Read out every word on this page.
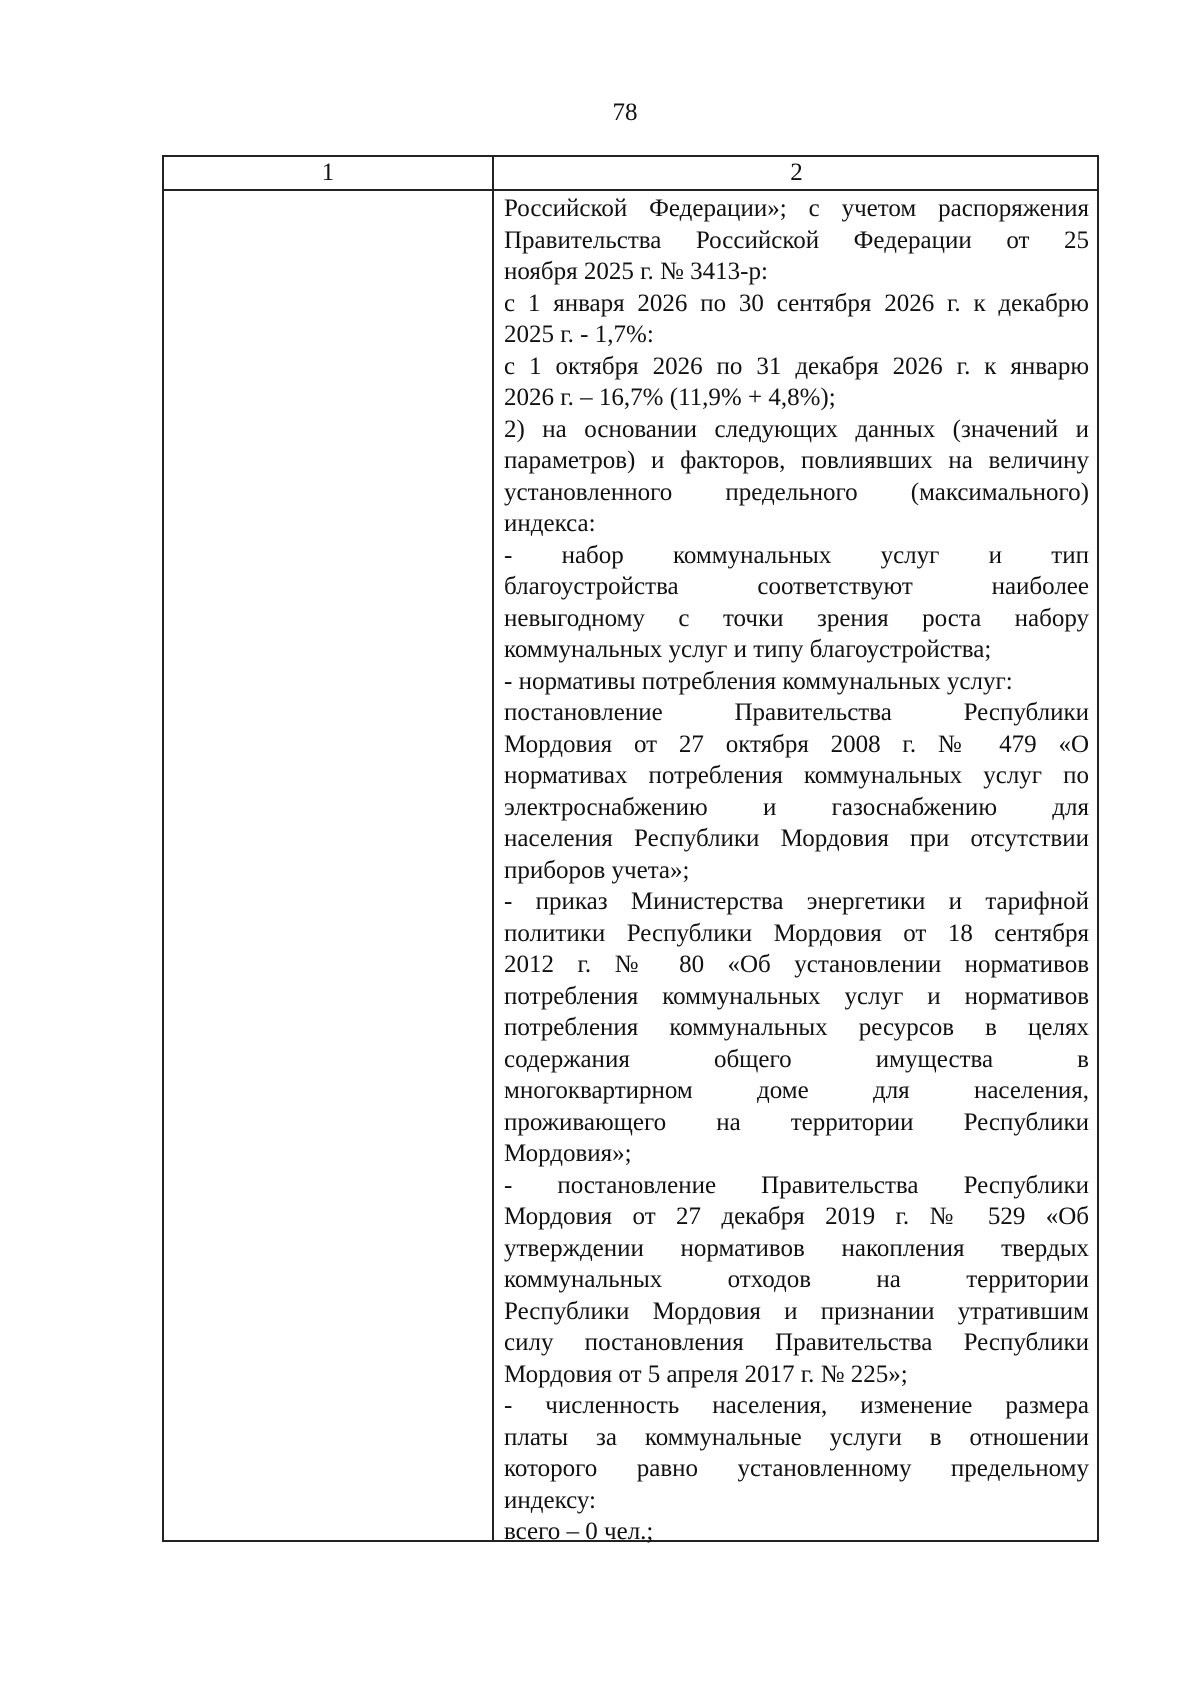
78
1	2
Российской Федерации»; с учетом распоряжения
Правительства Российской Федерации от 25
ноября 2025 г. № 3413-р:
с 1 января 2026 по 30 сентября 2026 г. к декабрю
2025 г. - 1,7%:
с 1 октября 2026 по 31 декабря 2026 г. к январю
2026 г. – 16,7% (11,9% + 4,8%);
2) на основании следующих данных (значений и
параметров) и факторов, повлиявших на величину
установленного предельного (максимального)
индекса:
- набор коммунальных услуг и тип
благоустройства соответствуют наиболее
невыгодному с точки зрения роста набору
коммунальных услуг и типу благоустройства;
- нормативы потребления коммунальных услуг:
постановление Правительства Республики
Мордовия от 27 октября 2008 г. № 479 «О
нормативах потребления коммунальных услуг по
электроснабжению и газоснабжению для
населения Республики Мордовия при отсутствии
приборов учета»;
- приказ Министерства энергетики и тарифной
политики Республики Мордовия от 18 сентября
2012 г. № 80 «Об установлении нормативов
потребления коммунальных услуг и нормативов
потребления коммунальных ресурсов в целях
содержания общего имущества в
многоквартирном доме для населения,
проживающего на территории Республики
Мордовия»;
- постановление Правительства Республики
Мордовия от 27 декабря 2019 г. № 529 «Об
утверждении нормативов накопления твердых
коммунальных отходов на территории
Республики Мордовия и признании утратившим
силу постановления Правительства Республики
Мордовия от 5 апреля 2017 г. № 225»;
- численность населения, изменение размера
платы за коммунальные услуги в отношении
которого равно установленному предельному
индексу:
всего – 0 чел.;
